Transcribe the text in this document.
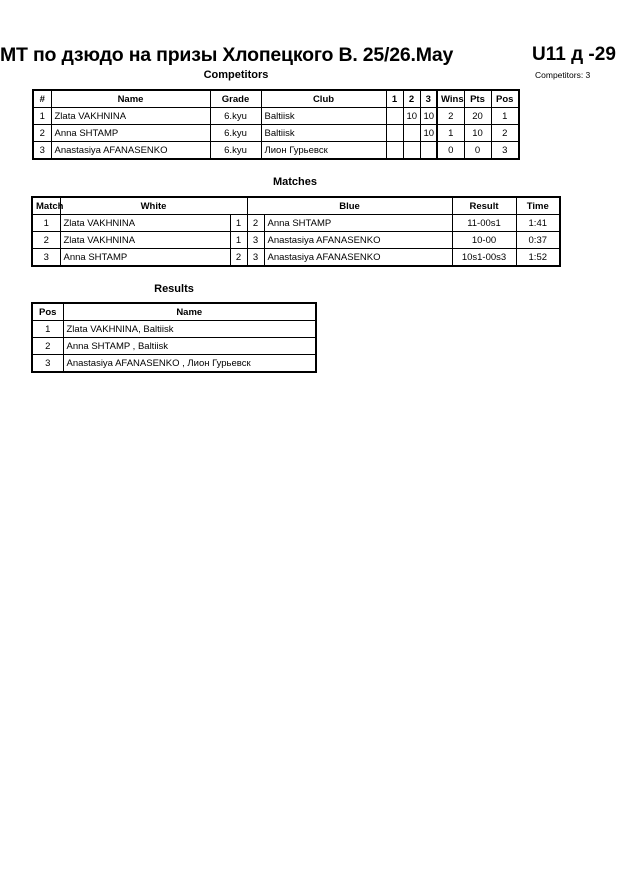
MT по дзюдо на призы Хлопецкого В. 25/26.May	U11 д -29
Competitors: 3
Competitors
#	Name	Grade	Club	1	2	3	Wins	Pts	Pos
1	Zlata VAKHNINA	6.kyu	Baltiisk		10	10	2	20	1
2	Anna SHTAMP	6.kyu	Baltiisk			10	1	10	2
3	Anastasiya AFANASENKO	6.kyu	Лион Гурьевск				0	0	3
Matches
Match	White		Blue		Result	Time
1	Zlata VAKHNINA	1	2	Anna SHTAMP	11-00s1	1:41
2	Zlata VAKHNINA	1	3	Anastasiya AFANASENKO	10-00	0:37
3	Anna SHTAMP	2	3	Anastasiya AFANASENKO	10s1-00s3	1:52
Results
Pos	Name
1	Zlata VAKHNINA, Baltiisk
2	Anna SHTAMP , Baltiisk
3	Anastasiya AFANASENKO , Лион Гурьевск
